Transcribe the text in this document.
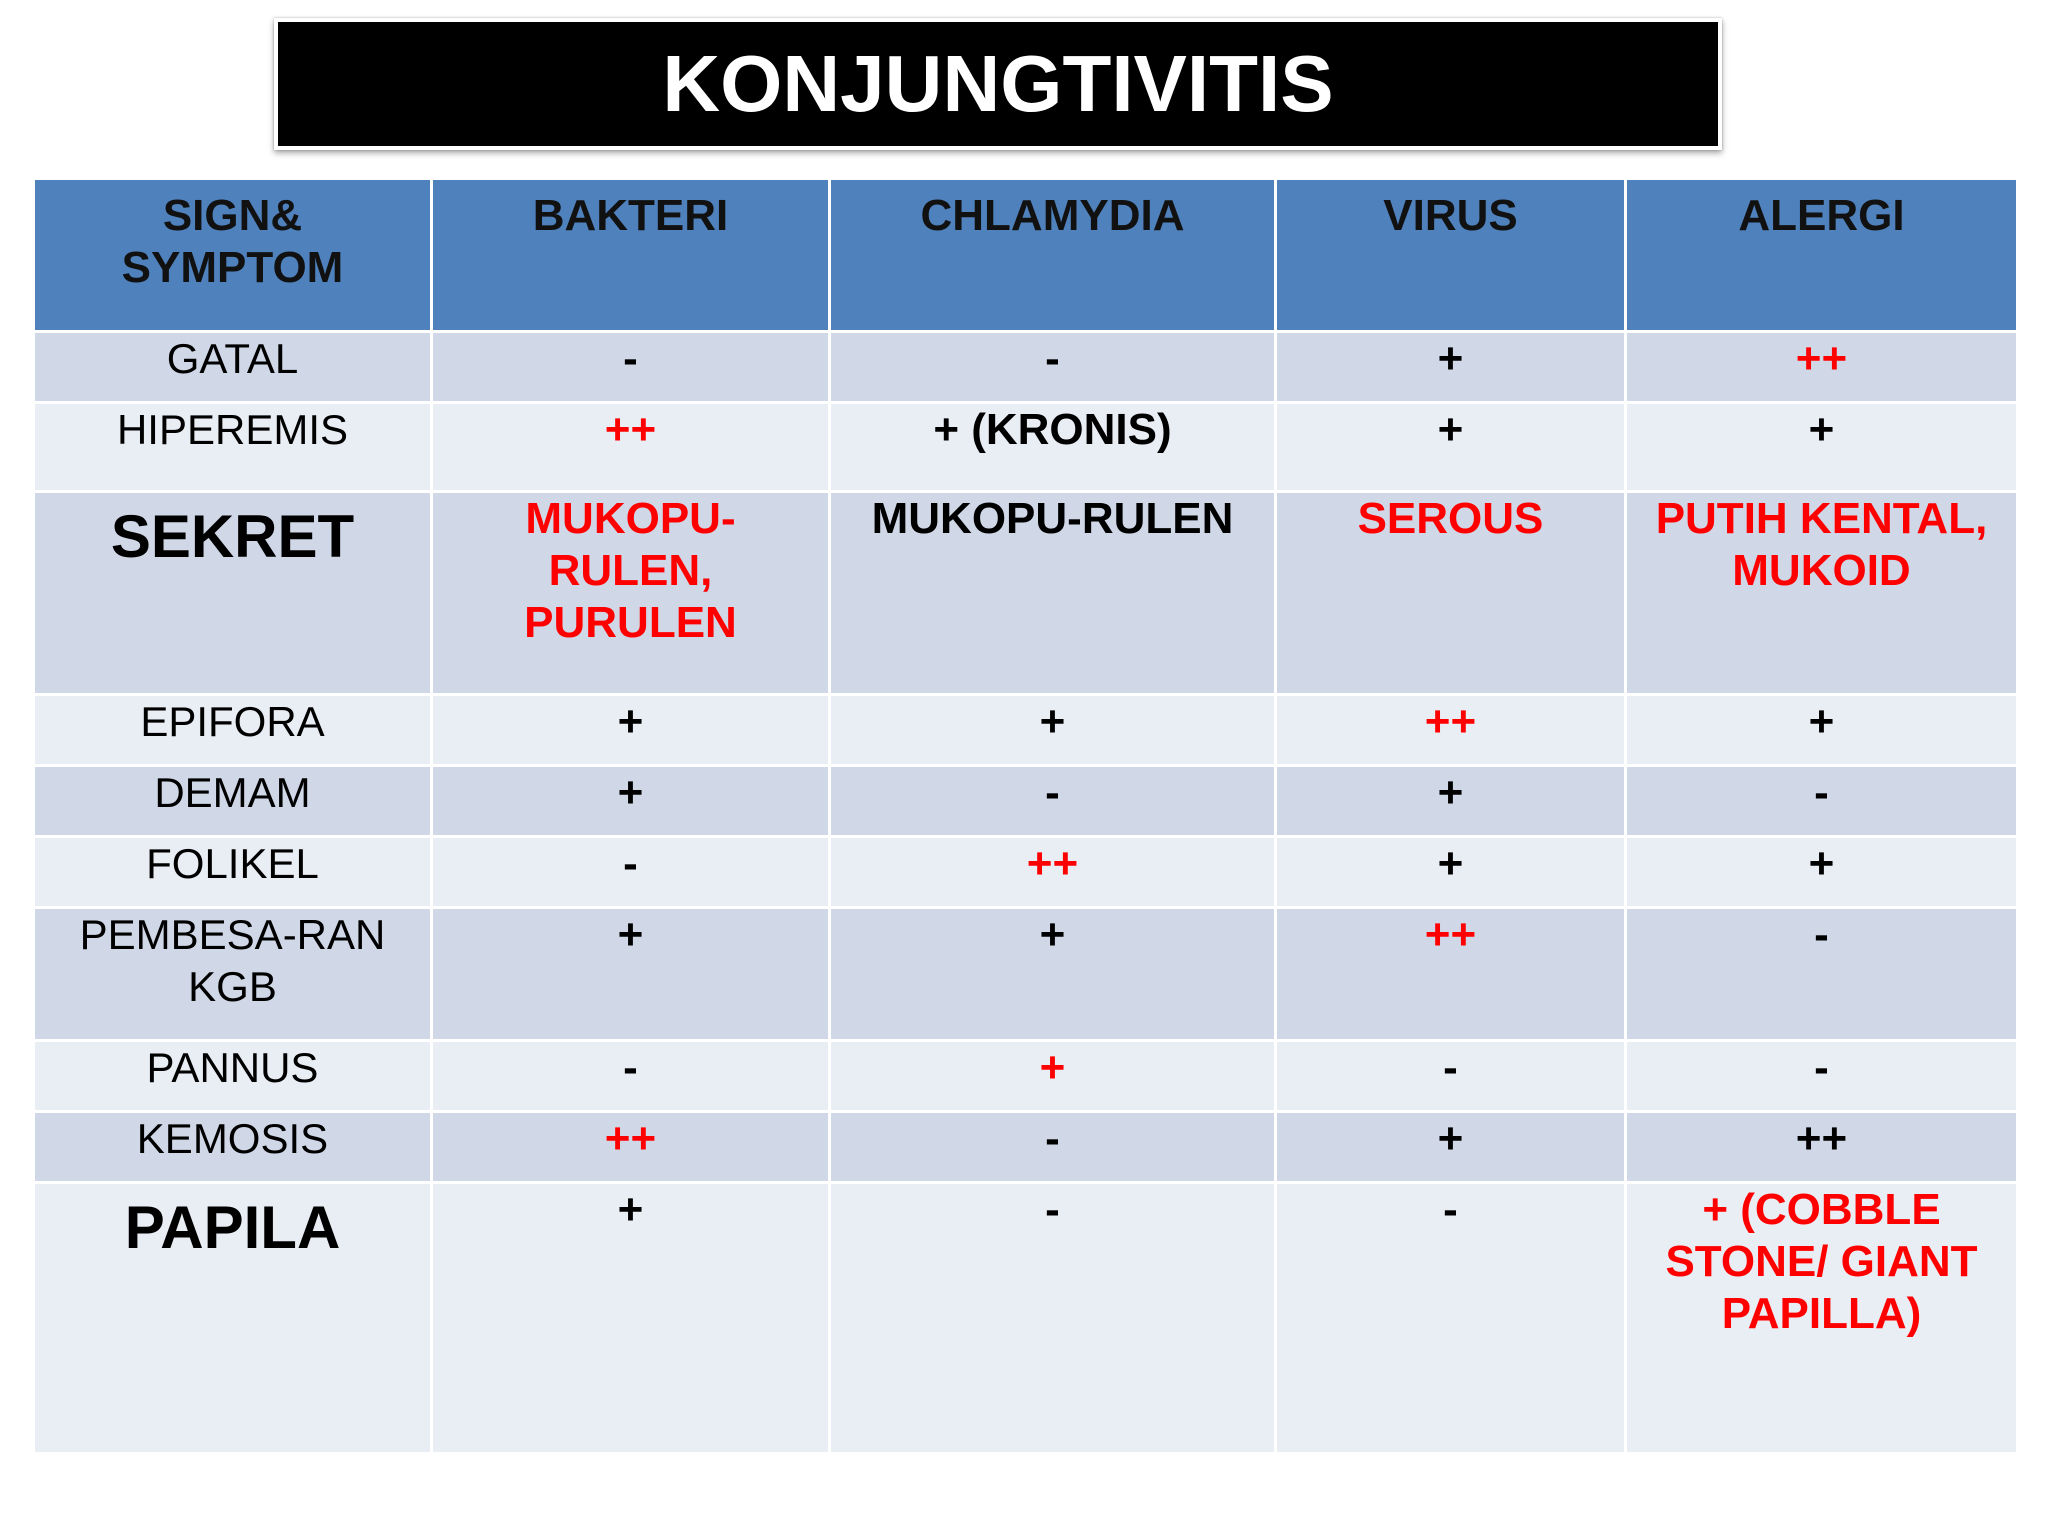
KONJUNGTIVITIS
SIGN& SYMPTOM	BAKTERI	CHLAMYDIA	VIRUS	ALERGI
GATAL	-	-	+	++
HIPEREMIS	++	+ (KRONIS)	+	+
SEKRET	MUKOPU-RULEN, PURULEN	MUKOPU-RULEN	SEROUS	PUTIH KENTAL, MUKOID
EPIFORA	+	+	++	+
DEMAM	+	-	+	-
FOLIKEL	-	++	+	+
PEMBESA-RAN KGB	+	+	++	-
PANNUS	-	+	-	-
KEMOSIS	++	-	+	++
PAPILA	+	-	-	+ (COBBLE STONE/ GIANT PAPILLA)
